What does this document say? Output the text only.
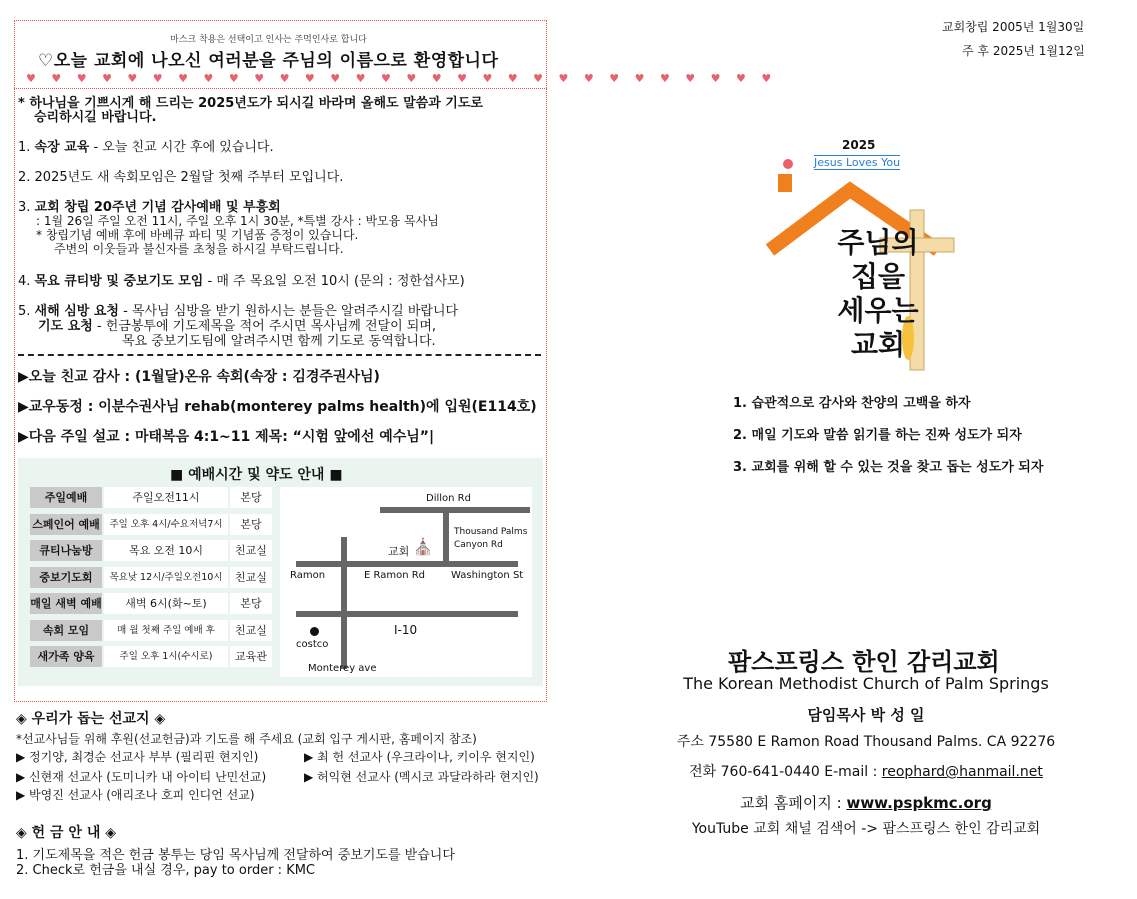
마스크 착용은 선택이고 인사는 주먹인사로 합니다
♡오늘 교회에 나오신 여러분을 주님의 이름으로 환영합니다
♥ ♥ ♥ ♥ ♥ ♥ ♥ ♥ ♥ ♥ ♥ ♥ ♥ ♥ ♥ ♥ ♥ ♥ ♥ ♥ ♥ ♥ ♥ ♥ ♥ ♥ ♥ ♥ ♥ ♥
* 하나님을 기쁘시게 해 드리는 2025년도가 되시길 바라며 올해도 말씀과 기도로
승리하시길 바랍니다.
1. 속장 교육 - 오늘 친교 시간 후에 있습니다.
2. 2025년도 새 속회모임은 2월달 첫째 주부터 모입니다.
3. 교회 창립 20주년 기념 감사예배 및 부흥회
: 1월 26일 주일 오전 11시, 주일 오후 1시 30분, *특별 강사 : 박모융 목사님
* 창립기념 예배 후에 바베큐 파티 및 기념품 증정이 있습니다.
주변의 이웃들과 불신자를 초청을 하시길 부탁드립니다.
4. 목요 큐티방 및 중보기도 모임 - 매 주 목요일 오전 10시 (문의 : 정한섭사모)
5. 새해 심방 요청 - 목사님 심방을 받기 원하시는 분들은 알려주시길 바랍니다
기도 요청 - 헌금봉투에 기도제목을 적어 주시면 목사님께 전달이 되며,
목요 중보기도팀에 알려주시면 함께 기도로 동역합니다.
▶오늘 친교 감사 : (1월달)온유 속회(속장 : 김경주권사님)
▶교우동정 : 이분수권사님 rehab(monterey palms health)에 입원(E114호)
▶다음 주일 설교 : 마태복음 4:1~11 제목: “시험 앞에선 예수님”|
■ 예배시간 및 약도 안내 ■
주일예배	주일오전11시	본당
스페인어 예배	주일 오후 4시/수요저녁7시	본당
큐티나눔방	목요 오전 10시	친교실
중보기도회	목요낮 12시/주일오전10시	친교실
매일 새벽 예배	새벽 6시(화~토)	본당
속회 모임	매 월 첫째 주일 예배 후	친교실
새가족 양육	주일 오후 1시(수시로)	교육관
Dillon Rd
Thousand Palms
Canyon Rd
교회 ⛪
Ramon	E Ramon Rd	Washington St
I-10
costco
Monterey ave
◈ 우리가 돕는 선교지 ◈
*선교사님들 위해 후원(선교헌금)과 기도를 해 주세요 (교회 입구 게시판, 홈페이지 참조)
▶ 정기양, 최경순 선교사 부부 (필리핀 현지인)	▶ 최 헌 선교사 (우크라이나, 키이우 현지인)
▶ 신현재 선교사 (도미니카 내 아이티 난민선교)	▶ 허익현 선교사 (멕시코 과달라하라 현지인)
▶ 박영진 선교사 (애리조나 호피 인디언 선교)
◈ 헌 금 안 내 ◈
1. 기도제목을 적은 헌금 봉투는 당임 목사님께 전달하여 중보기도를 받습니다
2. Check로 헌금을 내실 경우, pay to order : KMC
교회창립 2005년 1월30일
주 후 2025년 1월12일
2025
Jesus Loves You
주님의
집을
세우는
교회
1. 습관적으로 감사와 찬양의 고백을 하자
2. 매일 기도와 말씀 읽기를 하는 진짜 성도가 되자
3. 교회를 위해 할 수 있는 것을 찾고 돕는 성도가 되자
팜스프링스 한인 감리교회
The Korean Methodist Church of Palm Springs
담임목사 박 성 일
주소 75580 E Ramon Road Thousand Palms. CA 92276
전화 760-641-0440 E-mail : reophard@hanmail.net
교회 홈페이지 : www.pspkmc.org
YouTube 교회 채널 검색어 -> 팜스프링스 한인 감리교회
